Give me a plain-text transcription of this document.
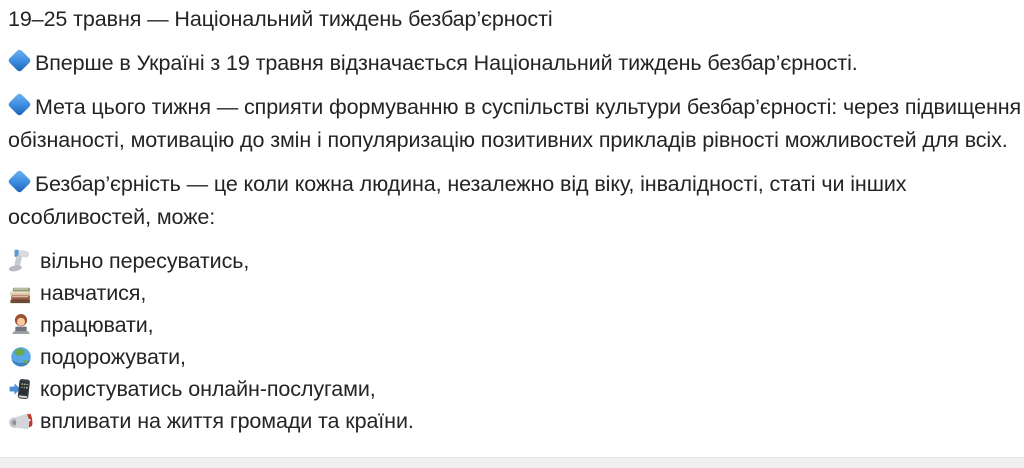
19–25 травня — Національний тиждень безбар’єрності

Вперше в Україні з 19 травня відзначається Національний тиждень безбар’єрності.

Мета цього тижня — сприяти формуванню в суспільстві культури безбар’єрності: через підвищення обізнаності, мотивацію до змін і популяризацію позитивних прикладів рівності можливостей для всіх.

Безбар’єрність — це коли кожна людина, незалежно від віку, інвалідності, статі чи інших особливостей, може:

вільно пересуватись,
навчатися,
працювати,
подорожувати,
користуватись онлайн-послугами,
впливати на життя громади та країни.
